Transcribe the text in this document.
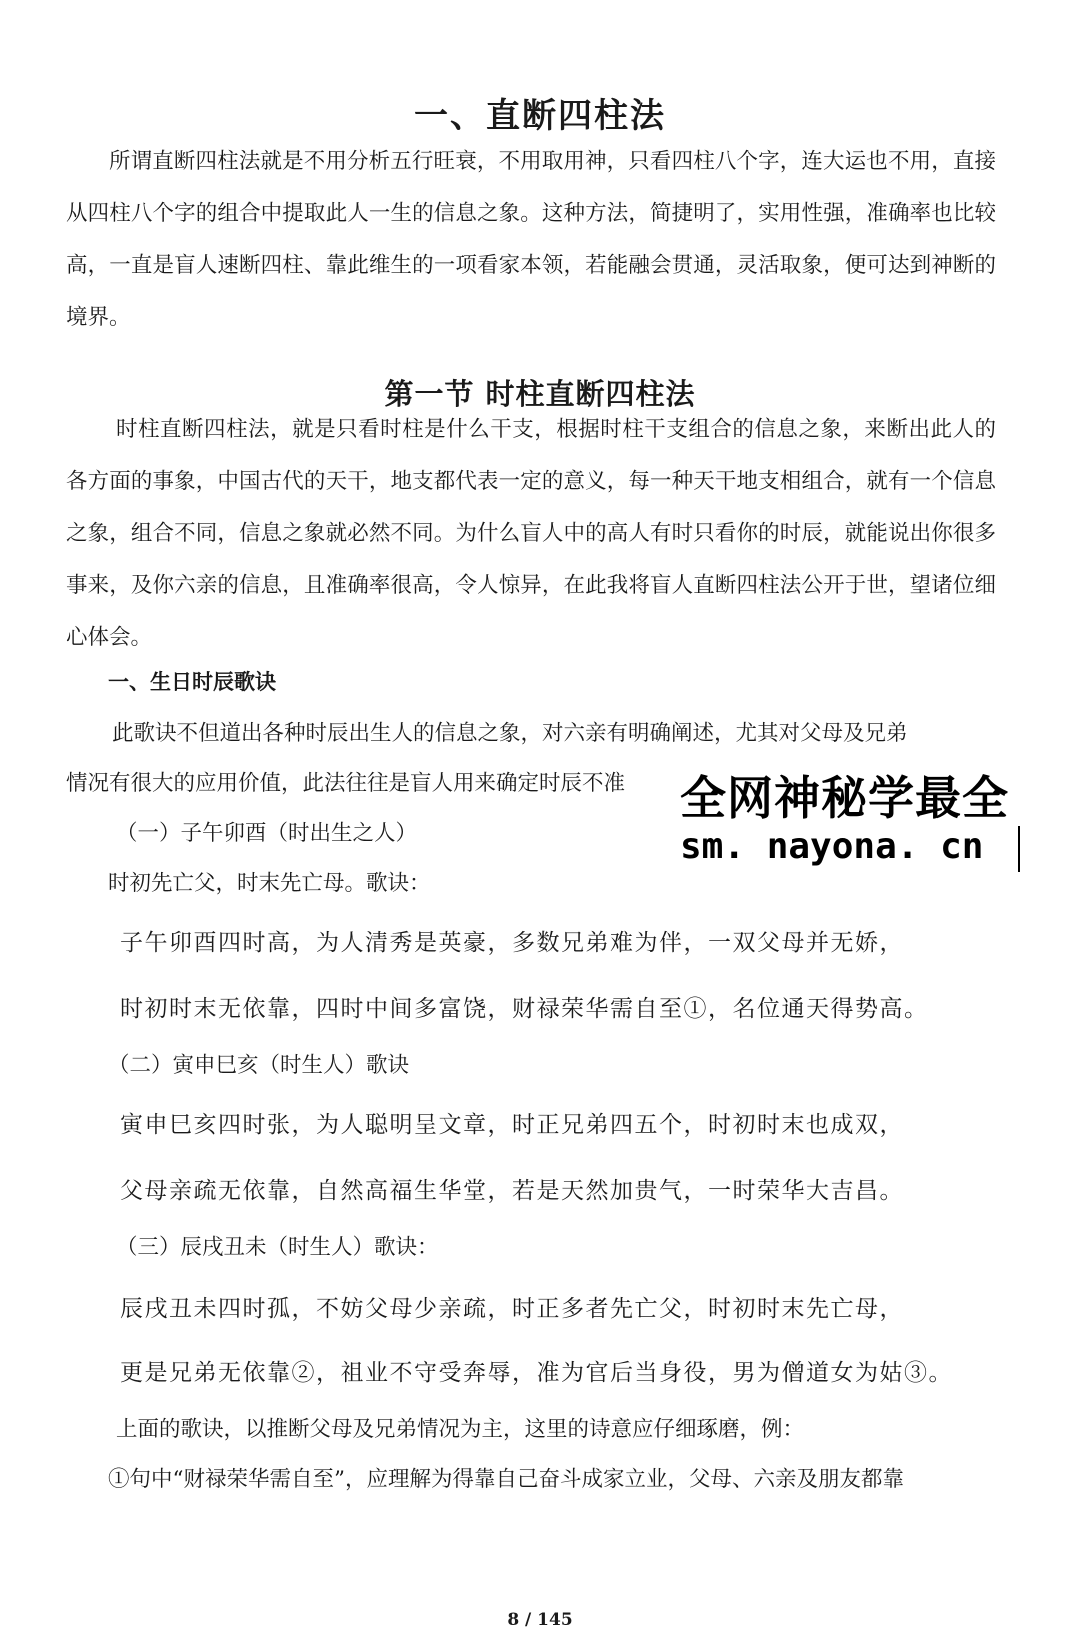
一、直断四柱法

所谓直断四柱法就是不用分析五行旺衰，不用取用神，只看四柱八个字，连大运也不用，直接从四柱八个字的组合中提取此人一生的信息之象。这种方法，简捷明了，实用性强，准确率也比较高，一直是盲人速断四柱、靠此维生的一项看家本领，若能融会贯通，灵活取象，便可达到神断的境界。

第一节 时柱直断四柱法

时柱直断四柱法，就是只看时柱是什么干支，根据时柱干支组合的信息之象，来断出此人的各方面的事象，中国古代的天干，地支都代表一定的意义，每一种天干地支相组合，就有一个信息之象，组合不同，信息之象就必然不同。为什么盲人中的高人有时只看你的时辰，就能说出你很多事来，及你六亲的信息，且准确率很高，令人惊异，在此我将盲人直断四柱法公开于世，望诸位细心体会。

一、生日时辰歌诀
此歌诀不但道出各种时辰出生人的信息之象，对六亲有明确阐述，尤其对父母及兄弟
情况有很大的应用价值，此法往往是盲人用来确定时辰不准
（一）子午卯酉（时出生之人）
时初先亡父，时末先亡母。歌诀：
子午卯酉四时高，为人清秀是英豪，多数兄弟难为伴，一双父母并无娇，
时初时末无依靠，四时中间多富饶，财禄荣华需自至①，名位通天得势高。
（二）寅申巳亥（时生人）歌诀
寅申巳亥四时张，为人聪明呈文章，时正兄弟四五个，时初时末也成双，
父母亲疏无依靠，自然高福生华堂，若是天然加贵气，一时荣华大吉昌。
（三）辰戌丑未（时生人）歌诀：
辰戌丑未四时孤，不妨父母少亲疏，时正多者先亡父，时初时末先亡母，
更是兄弟无依靠②，祖业不守受奔辱，准为官后当身役，男为僧道女为姑③。
上面的歌诀，以推断父母及兄弟情况为主，这里的诗意应仔细琢磨，例：
①句中“财禄荣华需自至”，应理解为得靠自己奋斗成家立业，父母、六亲及朋友都靠
全网神秘学最全
sm. nayona. cn
8 / 145
